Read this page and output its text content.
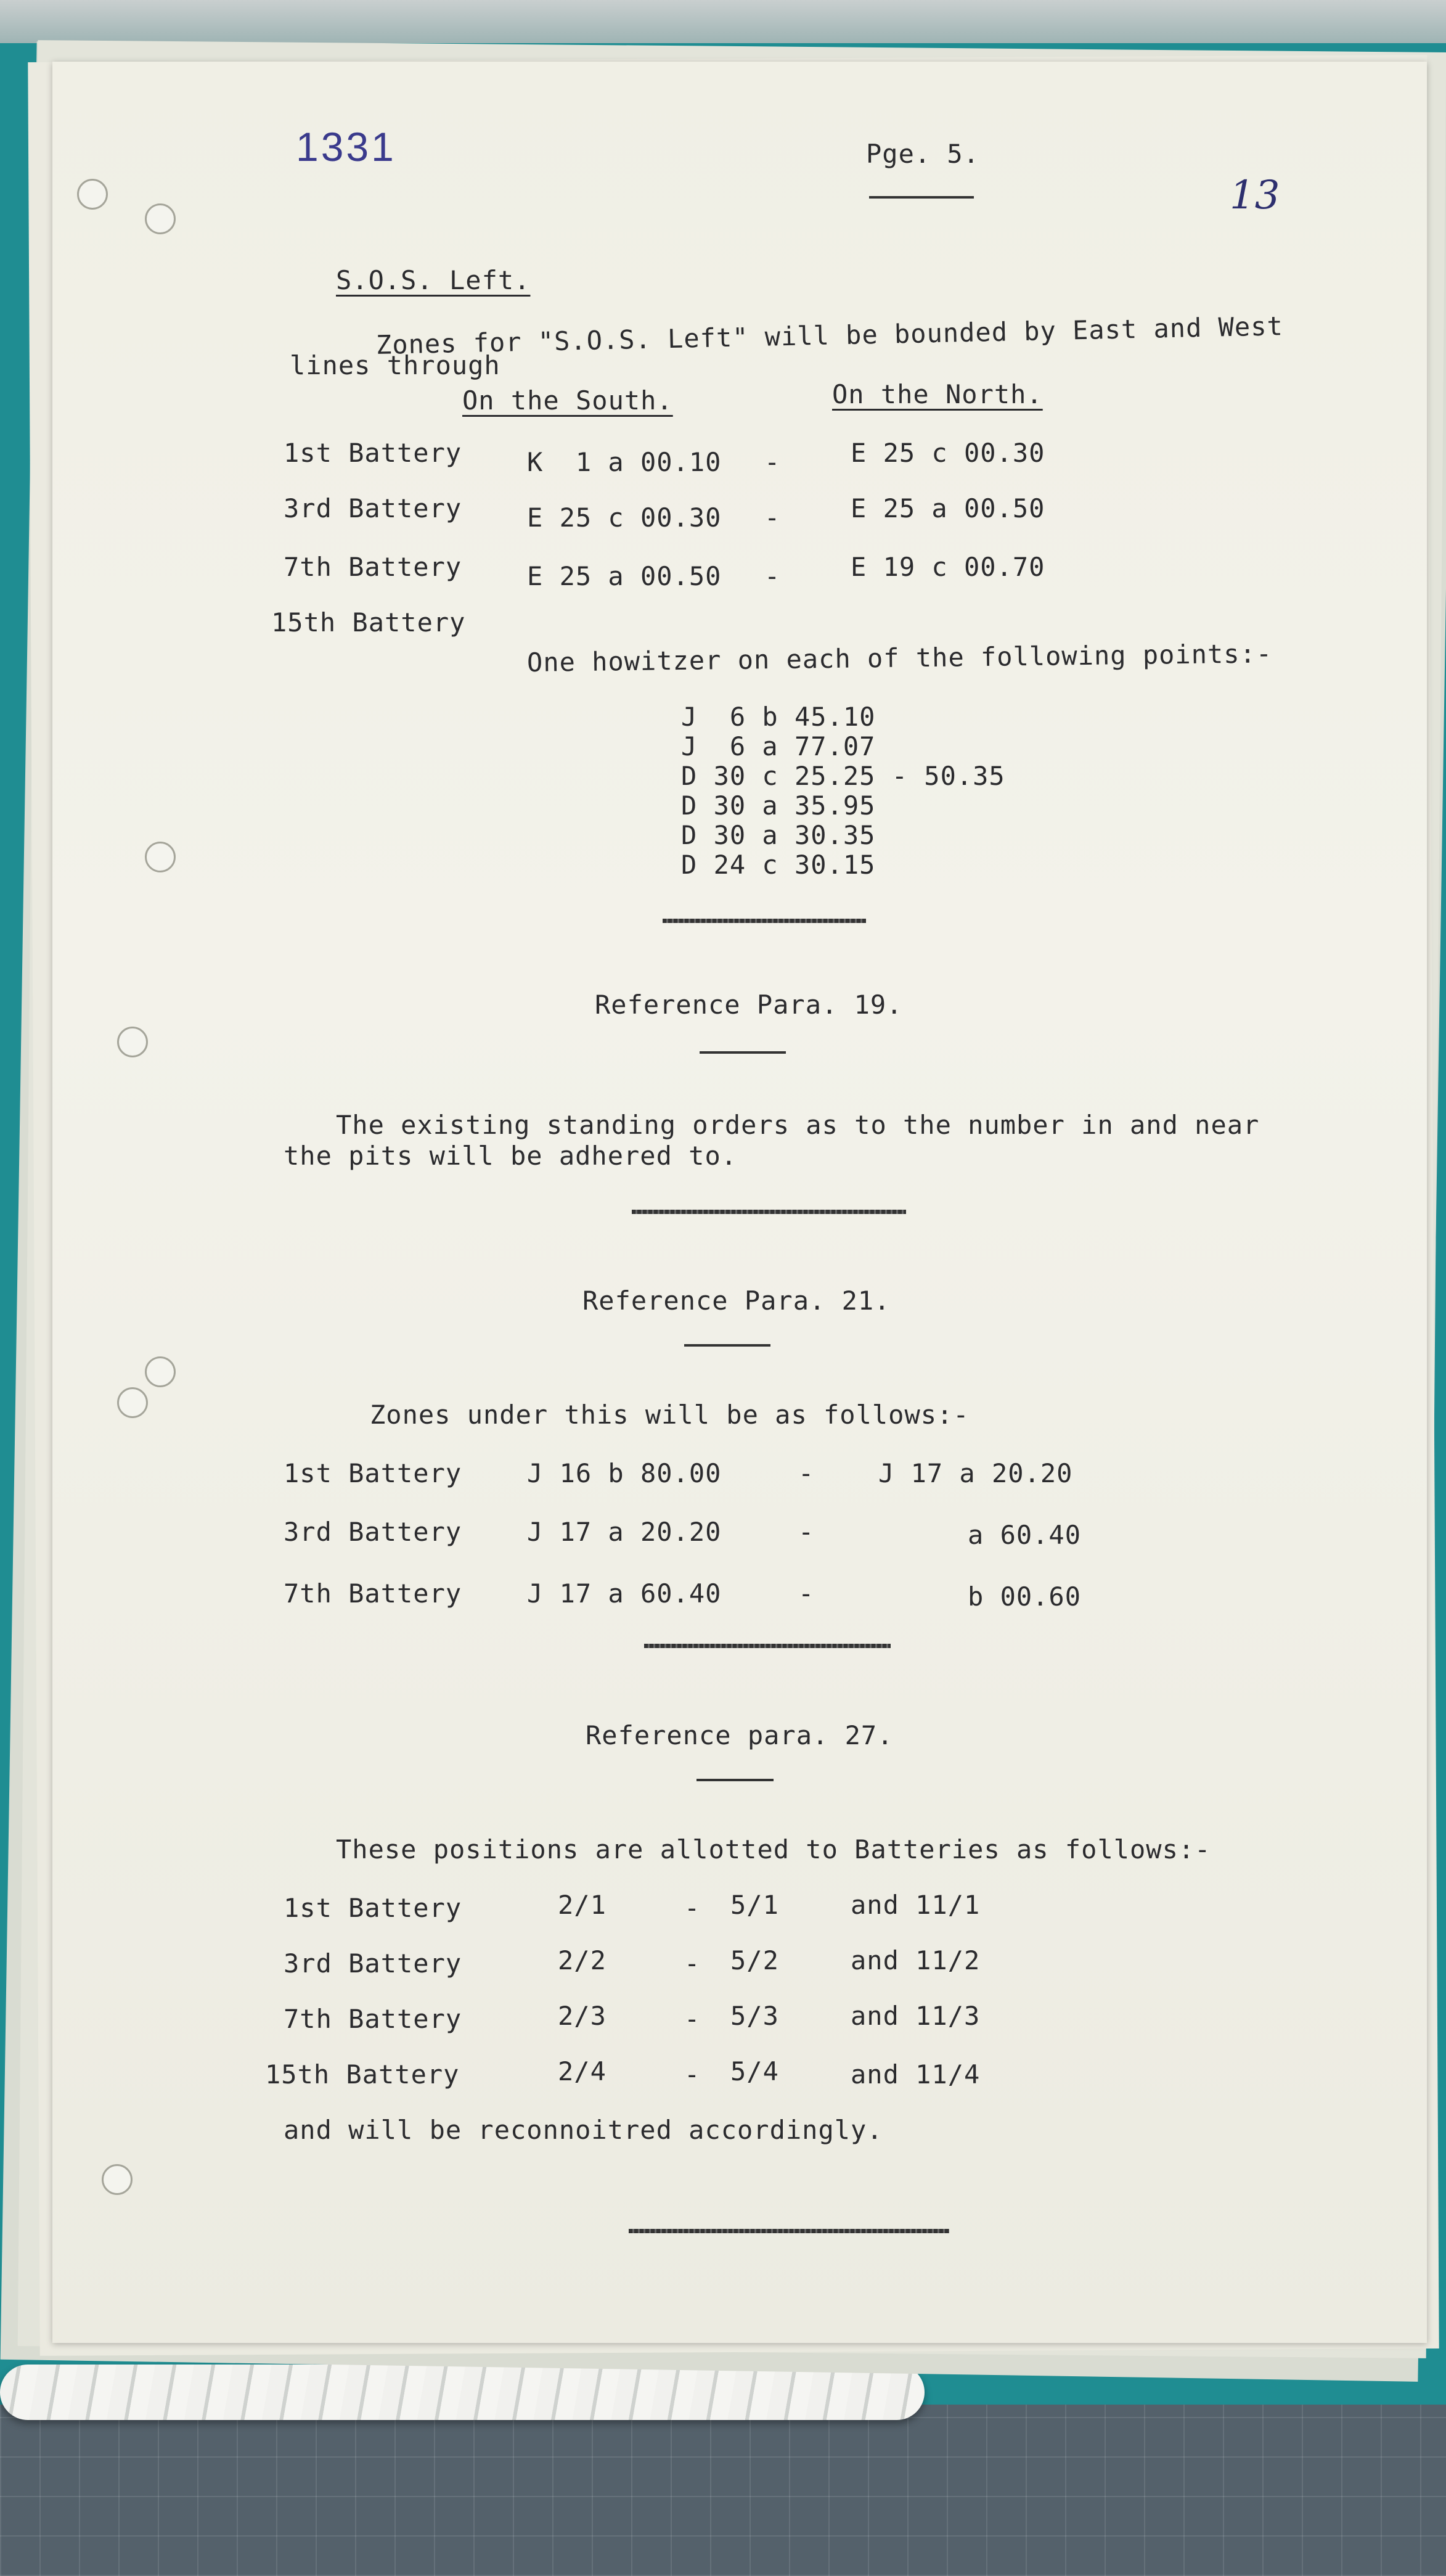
1331	Pge. 5.
13
S.O.S. Left.
Zones for "S.O.S. Left" will be bounded by East and West
lines through
On the South.	On the North.
1st Battery	K  1 a 00.10 -	E 25 c 00.30
3rd Battery	E 25 c 00.30 -	E 25 a 00.50
7th Battery	E 25 a 00.50 -	E 19 c 00.70
15th Battery
One howitzer on each of the following points:-
J  6 b 45.10
J  6 a 77.07
D 30 c 25.25 - 50.35
D 30 a 35.95
D 30 a 30.35
D 24 c 30.15
Reference Para. 19.
The existing standing orders as to the number in and near
the pits will be adhered to.
Reference Para. 21.
Zones under this will be as follows:-
1st Battery	J 16 b 80.00	- J 17 a 20.20
3rd Battery	J 17 a 20.20	-	a 60.40
7th Battery	J 17 a 60.40	-	b 00.60
Reference para. 27.
These positions are allotted to Batteries as follows:-
1st Battery	2/1	- 5/1	and 11/1
3rd Battery	2/2	- 5/2	and 11/2
7th Battery	2/3	- 5/3	and 11/3
15th Battery	2/4	- 5/4	and 11/4
and will be reconnoitred accordingly.
